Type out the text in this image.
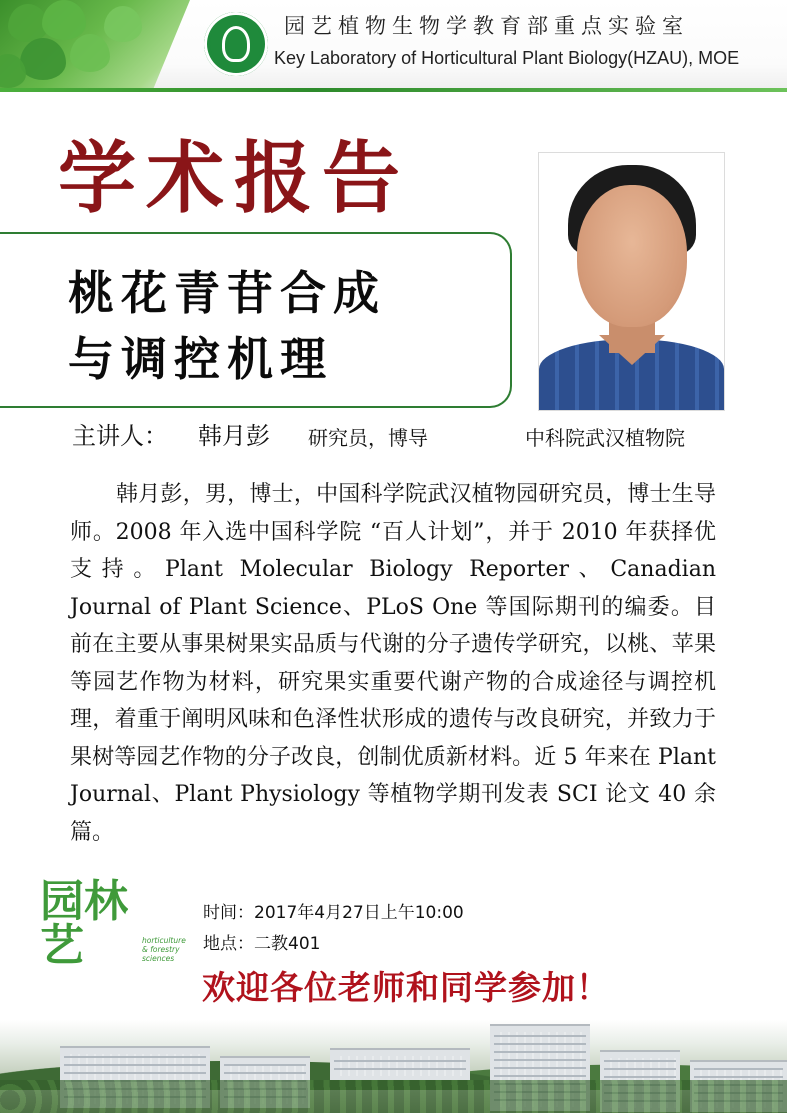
园艺植物生物学教育部重点实验室
Key Laboratory of Horticultural Plant Biology(HZAU), MOE
学术报告
桃花青苷合成
与调控机理
主讲人： 韩月彭 研究员，博导	中科院武汉植物院
韩月彭，男，博士，中国科学院武汉植物园研究员，博士生导师。2008 年入选中国科学院 “百人计划”，并于 2010 年获择优支持。Plant Molecular Biology Reporter、Canadian Journal of Plant Science、PLoS One 等国际期刊的编委。目前在主要从事果树果实品质与代谢的分子遗传学研究，以桃、苹果等园艺作物为材料，研究果实重要代谢产物的合成途径与调控机理，着重于阐明风味和色泽性状形成的遗传与改良研究，并致力于果树等园艺作物的分子改良，创制优质新材料。近 5 年来在 Plant Journal、Plant Physiology 等植物学期刊发表 SCI 论文 40 余篇。
园林艺	horticulture & forestry sciences
时间：2017年4月27日上午10:00
地点：二教401
欢迎各位老师和同学参加！
